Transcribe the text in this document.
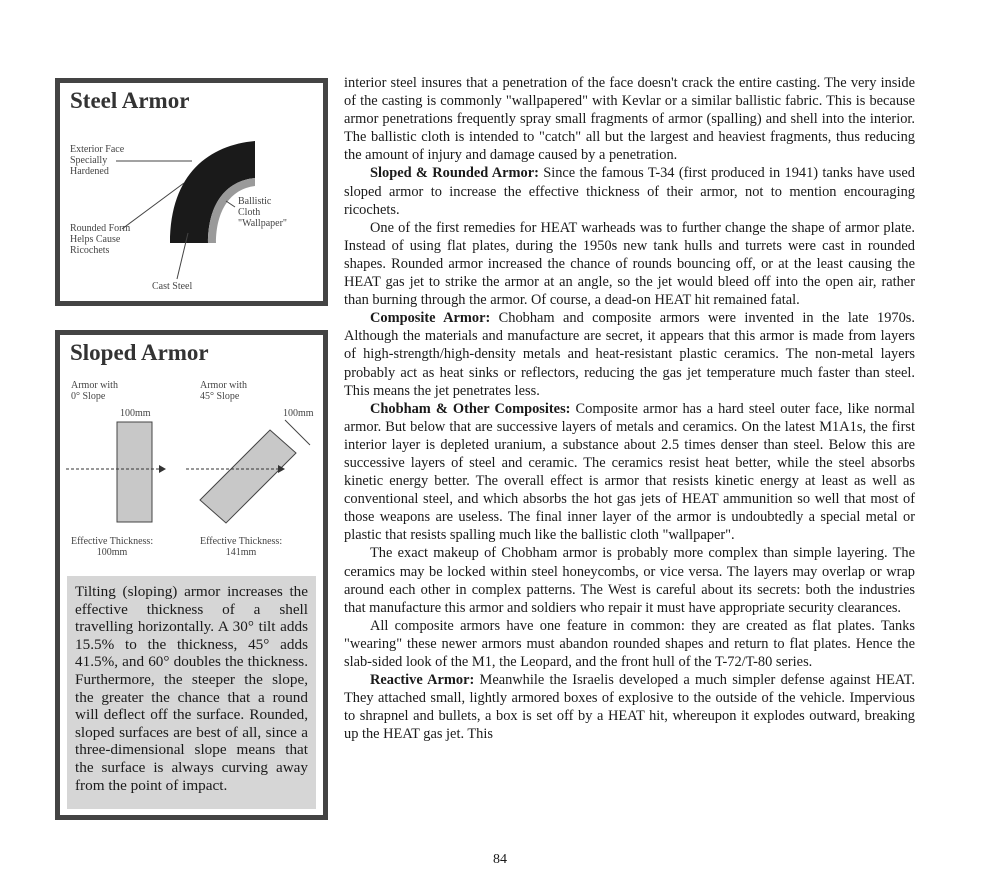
Steel Armor
Exterior Face
Specially
Hardened
Ballistic
Cloth
"Wallpaper"
Rounded Form
Helps Cause
Ricochets
Cast Steel
Sloped Armor
Armor with
0° Slope
Armor with
45° Slope
100mm	100mm
Effective Thickness:
100mm
Effective Thickness:
141mm
Tilting (sloping) armor increases the effective thickness of a shell travelling horizontally. A 30° tilt adds 15.5% to the thickness, 45° adds 41.5%, and 60° doubles the thickness. Furthermore, the steeper the slope, the greater the chance that a round will deflect off the surface. Rounded, sloped surfaces are best of all, since a three-dimensional slope means that the surface is always curving away from the point of impact.

interior steel insures that a penetration of the face doesn't crack the entire casting. The very inside of the casting is commonly "wallpapered" with Kevlar or a similar ballistic fabric. This is because armor penetrations frequently spray small fragments of armor (spalling) and shell into the interior. The ballistic cloth is intended to "catch" all but the largest and heaviest fragments, thus reducing the amount of injury and damage caused by a penetration.

Sloped & Rounded Armor: Since the famous T-34 (first produced in 1941) tanks have used sloped armor to increase the effective thickness of their armor, not to mention encouraging ricochets.

One of the first remedies for HEAT warheads was to further change the shape of armor plate. Instead of using flat plates, during the 1950s new tank hulls and turrets were cast in rounded shapes. Rounded armor increased the chance of rounds bouncing off, or at the least causing the HEAT gas jet to strike the armor at an angle, so the jet would bleed off into the open air, rather than burning through the armor. Of course, a dead-on HEAT hit remained fatal.

Composite Armor: Chobham and composite armors were invented in the late 1970s. Although the materials and manufacture are secret, it appears that this armor is made from layers of high-strength/high-density metals and heat-resistant plastic ceramics. The non-metal layers probably act as heat sinks or reflectors, reducing the gas jet temperature much faster than steel. This means the jet penetrates less.

Chobham & Other Composites: Composite armor has a hard steel outer face, like normal armor. But below that are successive layers of metals and ceramics. On the latest M1A1s, the first interior layer is depleted uranium, a substance about 2.5 times denser than steel. Below this are successive layers of steel and ceramic. The ceramics resist heat better, while the steel absorbs kinetic energy better. The overall effect is armor that resists kinetic energy at least as well as conventional steel, and which absorbs the hot gas jets of HEAT ammunition so well that most of those weapons are useless. The final inner layer of the armor is undoubtedly a special metal or plastic that resists spalling much like the ballistic cloth "wallpaper".

The exact makeup of Chobham armor is probably more complex than simple layering. The ceramics may be locked within steel honeycombs, or vice versa. The layers may overlap or wrap around each other in complex patterns. The West is careful about its secrets: both the industries that manufacture this armor and soldiers who repair it must have appropriate security clearances.

All composite armors have one feature in common: they are created as flat plates. Tanks "wearing" these newer armors must abandon rounded shapes and return to flat plates. Hence the slab-sided look of the M1, the Leopard, and the front hull of the T-72/T-80 series.

Reactive Armor: Meanwhile the Israelis developed a much simpler defense against HEAT. They attached small, lightly armored boxes of explosive to the outside of the vehicle. Impervious to shrapnel and bullets, a box is set off by a HEAT hit, whereupon it explodes outward, breaking up the HEAT gas jet. This

84
